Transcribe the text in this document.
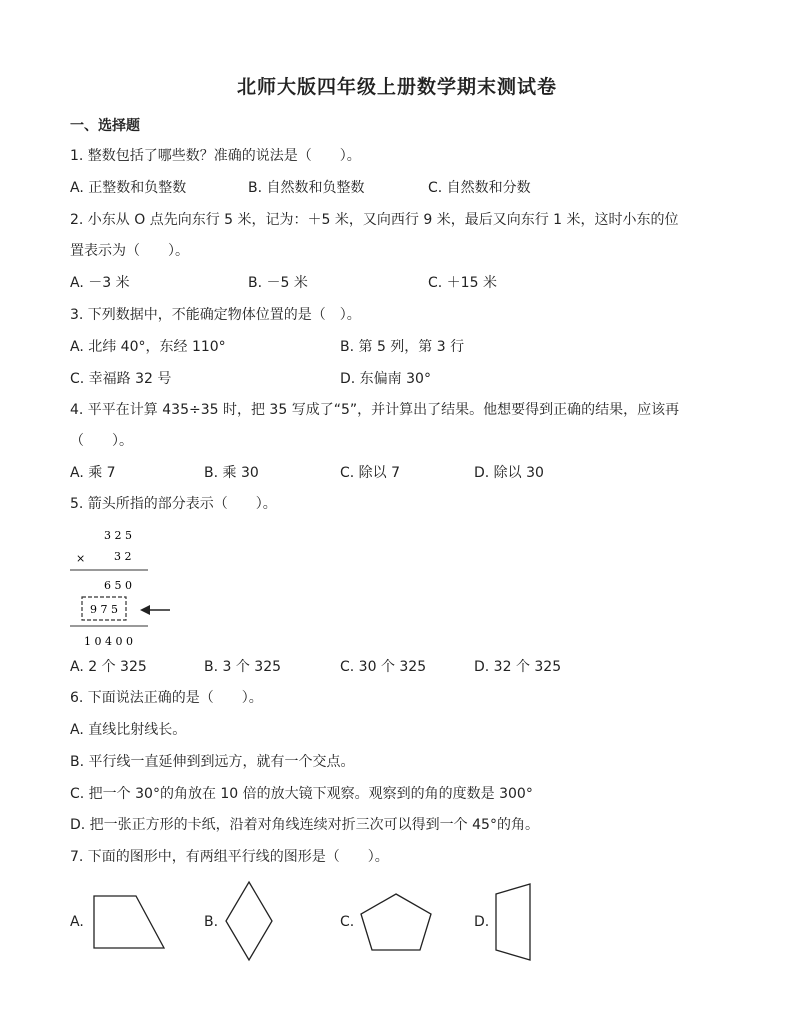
北师大版四年级上册数学期末测试卷
一、选择题
1. 整数包括了哪些数？准确的说法是（　　）。
A. 正整数和负整数	B. 自然数和负整数	C. 自然数和分数
2. 小东从 O 点先向东行 5 米，记为：＋5 米，又向西行 9 米，最后又向东行 1 米，这时小东的位
置表示为（　　）。
A. －3 米	B. －5 米	C. ＋15 米
3. 下列数据中，不能确定物体位置的是（　）。
A. 北纬 40°，东经 110°	B. 第 5 列，第 3 行
C. 幸福路 32 号	D. 东偏南 30°
4. 平平在计算 435÷35 时，把 35 写成了“5”，并计算出了结果。他想要得到正确的结果，应该再
（　　）。
A. 乘 7	B. 乘 30	C. 除以 7	D. 除以 30
5. 箭头所指的部分表示（　　）。
3 2 5
×	3 2
6 5 0
9 7 5
1 0 4 0 0
A. 2 个 325	B. 3 个 325	C. 30 个 325	D. 32 个 325
6. 下面说法正确的是（　　）。
A. 直线比射线长。
B. 平行线一直延伸到到远方，就有一个交点。
C. 把一个 30°的角放在 10 倍的放大镜下观察。观察到的角的度数是 300°
D. 把一张正方形的卡纸，沿着对角线连续对折三次可以得到一个 45°的角。
7. 下面的图形中，有两组平行线的图形是（　　）。
A.	B.	C.	D.
